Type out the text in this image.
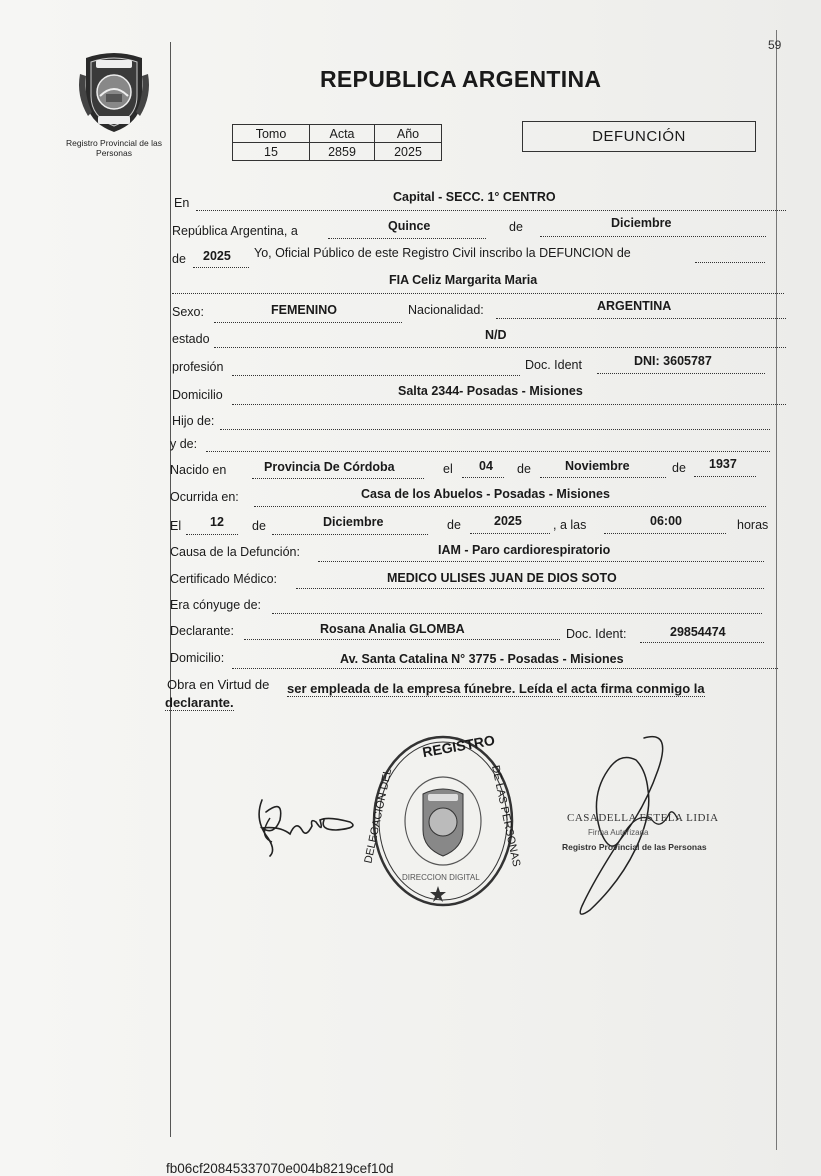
59
Registro Provincial de las Personas
REPUBLICA ARGENTINA
Tomo	Acta	Año
15	2859	2025
DEFUNCIÓN
En	Capital - SECC. 1° CENTRO
República Argentina, a	Quince	de	Diciembre
de 2025 Yo, Oficial Público de este Registro Civil inscribo la DEFUNCION de
FIA Celiz Margarita Maria
Sexo:	FEMENINO	Nacionalidad:	ARGENTINA
estado	N/D
profesión	Doc. Ident	DNI: 3605787
Domicilio	Salta 2344- Posadas - Misiones
Hijo de:
y de:
Nacido en	Provincia De Córdoba	el 04 de	Noviembre	de 1937
Ocurrida en:	Casa de los Abuelos - Posadas - Misiones
El 12 de	Diciembre	de	2025 , a las	06:00	horas
Causa de la Defunción:	IAM - Paro cardiorespiratorio
Certificado Médico:	MEDICO ULISES JUAN DE DIOS SOTO
Era cónyuge de:
Declarante:	Rosana Analia GLOMBA	Doc. Ident:	29854474
Domicilio:	Av. Santa Catalina N° 3775 - Posadas - Misiones
Obra en Virtud de ser empleada de la empresa fúnebre. Leída el acta firma conmigo la
declarante.
REGISTRO
DELEGACIÓN DEL	DE LAS PERSONAS
DIRECCION DIGITAL
CASADELLA ESTELA LIDIA
Firma Autorizada
Registro Provincial de las Personas
fb06cf20845337070e004b8219cef10d
